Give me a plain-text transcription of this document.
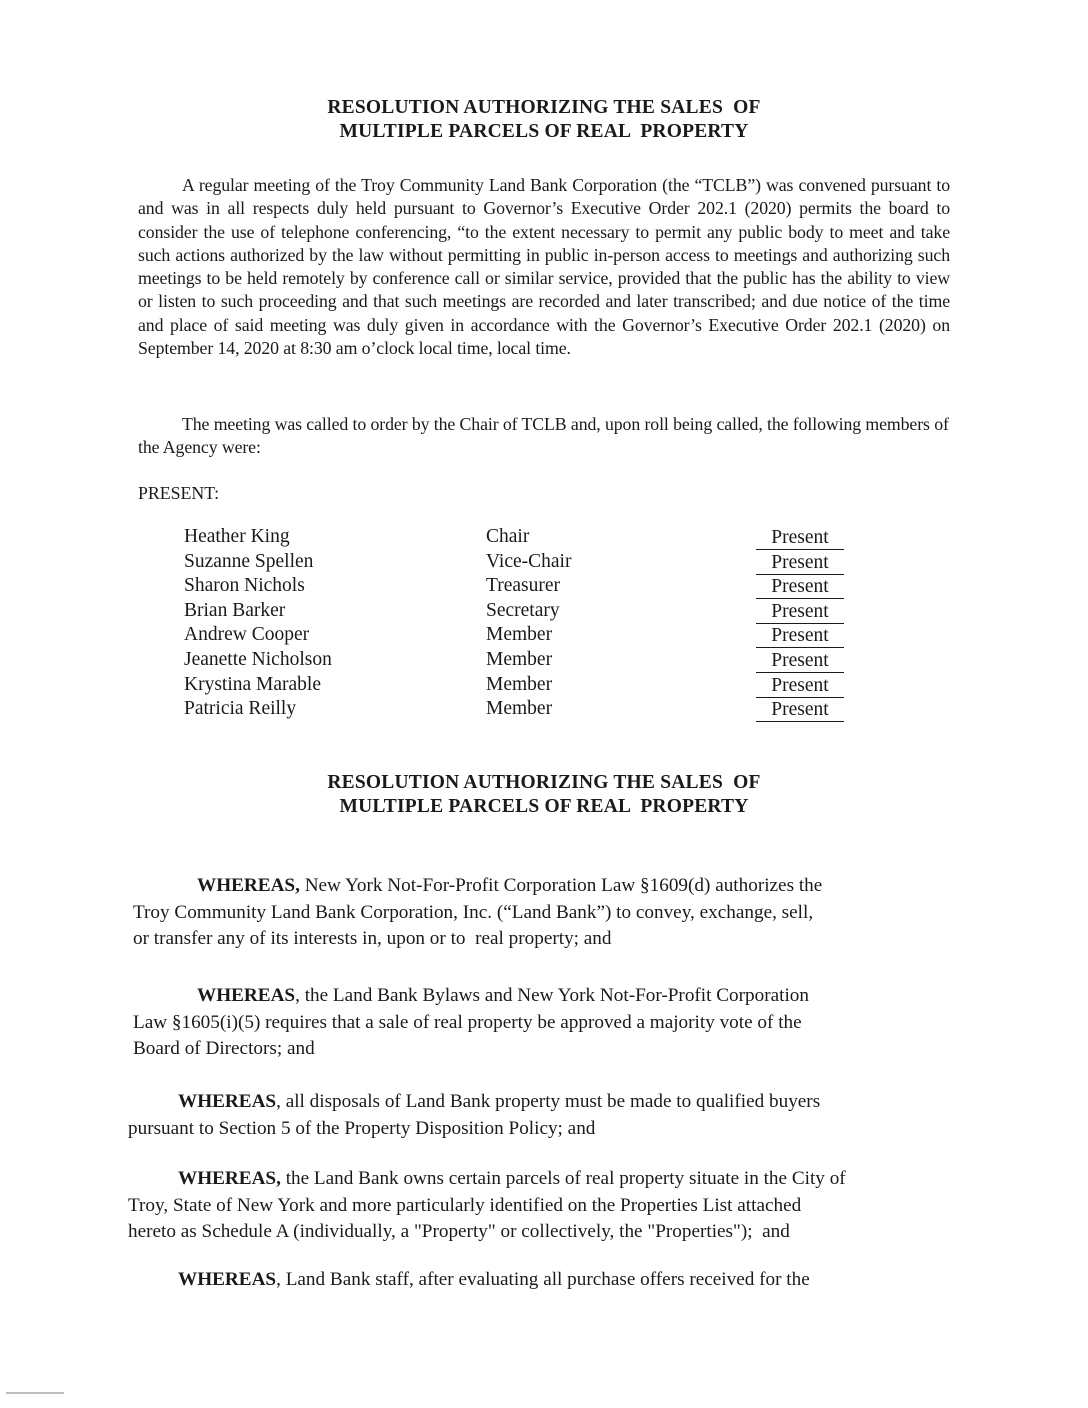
RESOLUTION AUTHORIZING THE SALES  OF
MULTIPLE PARCELS OF REAL  PROPERTY
A regular meeting of the Troy Community Land Bank Corporation (the “TCLB”) was convened pursuant to and was in all respects duly held pursuant to Governor’s Executive Order 202.1 (2020) permits the board to consider the use of telephone conferencing, “to the extent necessary to permit any public body to meet and take such actions authorized by the law without permitting in public in-person access to meetings and authorizing such meetings to be held remotely by conference call or similar service, provided that the public has the ability to view or listen to such proceeding and that such meetings are recorded and later transcribed; and due notice of the time and place of said meeting was duly given in accordance with the Governor’s Executive Order 202.1 (2020) on September 14, 2020 at 8:30 am o’clock local time, local time.
The meeting was called to order by the Chair of TCLB and, upon roll being called, the following members of the Agency were:
PRESENT:
Heather King	Chair	Present
Suzanne Spellen	Vice-Chair	Present
Sharon Nichols	Treasurer	Present
Brian Barker	Secretary	Present
Andrew Cooper	Member	Present
Jeanette Nicholson	Member	Present
Krystina Marable	Member	Present
Patricia Reilly	Member	Present
RESOLUTION AUTHORIZING THE SALES  OF
MULTIPLE PARCELS OF REAL  PROPERTY
WHEREAS, New York Not-For-Profit Corporation Law §1609(d) authorizes the
Troy Community Land Bank Corporation, Inc. (“Land Bank”) to convey, exchange, sell,
or transfer any of its interests in, upon or to  real property; and
WHEREAS, the Land Bank Bylaws and New York Not-For-Profit Corporation
Law §1605(i)(5) requires that a sale of real property be approved a majority vote of the
Board of Directors; and
WHEREAS, all disposals of Land Bank property must be made to qualified buyers
pursuant to Section 5 of the Property Disposition Policy; and
WHEREAS, the Land Bank owns certain parcels of real property situate in the City of
Troy, State of New York and more particularly identified on the Properties List attached
hereto as Schedule A (individually, a "Property" or collectively, the "Properties");  and
WHEREAS, Land Bank staff, after evaluating all purchase offers received for the
